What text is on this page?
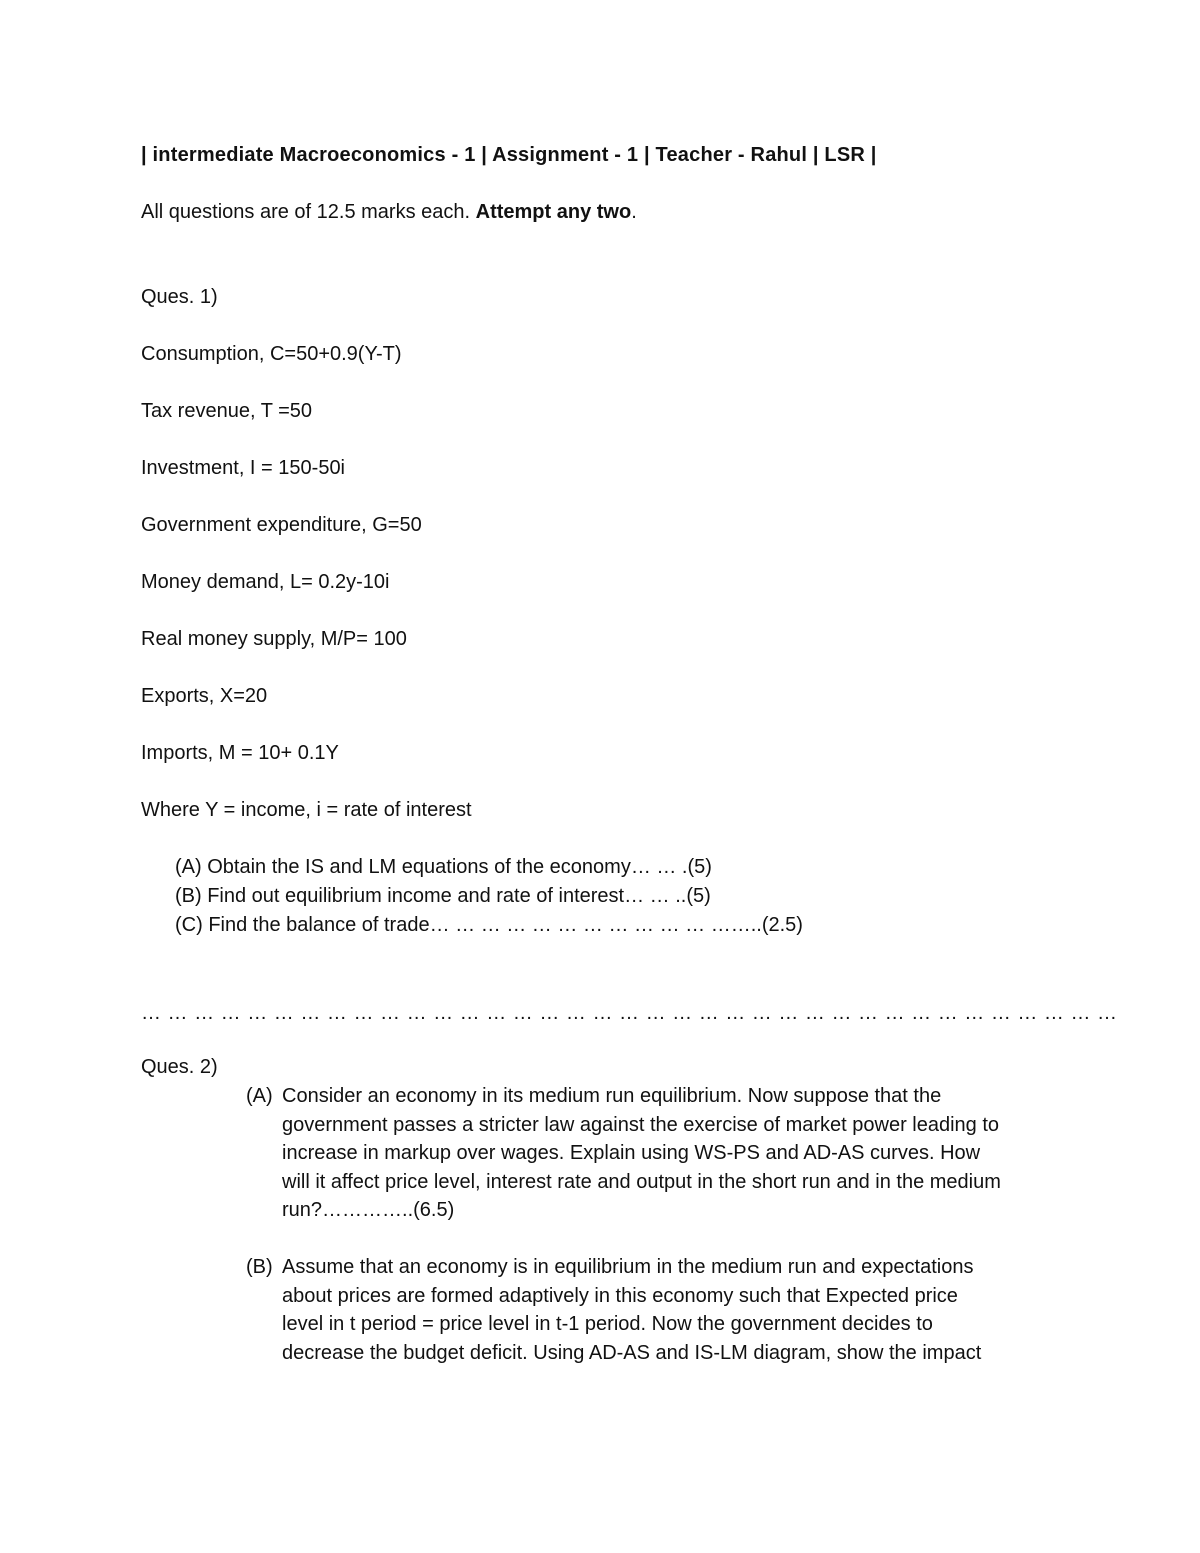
| intermediate Macroeconomics - 1 | Assignment - 1 | Teacher - Rahul | LSR |
All questions are of 12.5 marks each. Attempt any two.
Ques. 1)
Consumption, C=50+0.9(Y-T)
Tax revenue, T =50
Investment, I = 150-50i
Government expenditure, G=50
Money demand, L= 0.2y-10i
Real money supply, M/P= 100
Exports, X=20
Imports, M = 10+ 0.1Y
Where Y = income, i = rate of interest
(A) Obtain the IS and LM equations of the economy… … .(5)
(B) Find out equilibrium income and rate of interest… … ..(5)
(C) Find the balance of trade… … … … … … … … … … … ……..(2.5)
… … … … … … … … … … … … … … … … … … … … … … … … … … … … … … … … … … … … …
Ques. 2)
(A) Consider an economy in its medium run equilibrium. Now suppose that the
government passes a stricter law against the exercise of market power leading to
increase in markup over wages. Explain using WS-PS and AD-AS curves. How
will it affect price level, interest rate and output in the short run and in the medium
run?…………..(6.5)
(B) Assume that an economy is in equilibrium in the medium run and expectations
about prices are formed adaptively in this economy such that Expected price
level in t period = price level in t-1 period. Now the government decides to
decrease the budget deficit. Using AD-AS and IS-LM diagram, show the impact
